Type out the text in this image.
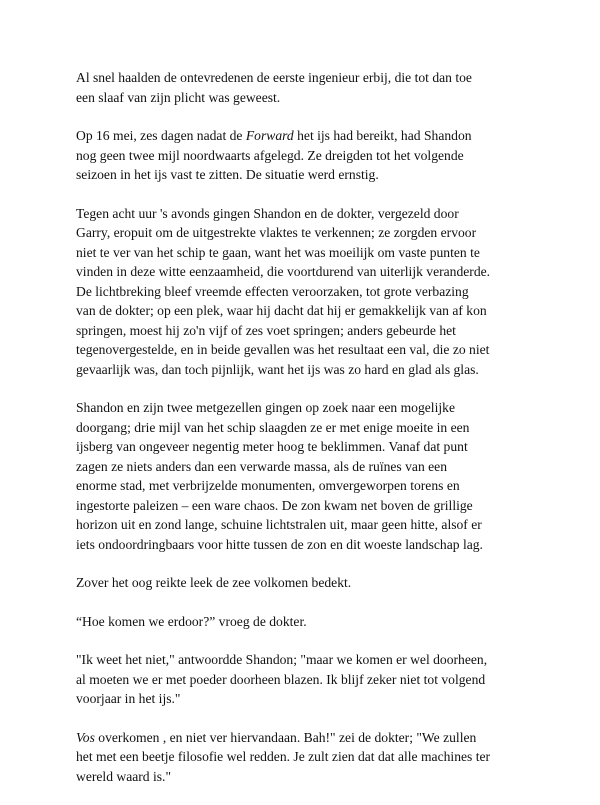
Al snel haalden de ontevredenen de eerste ingenieur erbij, die tot dan toe
een slaaf van zijn plicht was geweest.

Op 16 mei, zes dagen nadat de Forward het ijs had bereikt, had Shandon
nog geen twee mijl noordwaarts afgelegd. Ze dreigden tot het volgende
seizoen in het ijs vast te zitten. De situatie werd ernstig.

Tegen acht uur 's avonds gingen Shandon en de dokter, vergezeld door
Garry, eropuit om de uitgestrekte vlaktes te verkennen; ze zorgden ervoor
niet te ver van het schip te gaan, want het was moeilijk om vaste punten te
vinden in deze witte eenzaamheid, die voortdurend van uiterlijk veranderde.
De lichtbreking bleef vreemde effecten veroorzaken, tot grote verbazing
van de dokter; op een plek, waar hij dacht dat hij er gemakkelijk van af kon
springen, moest hij zo'n vijf of zes voet springen; anders gebeurde het
tegenovergestelde, en in beide gevallen was het resultaat een val, die zo niet
gevaarlijk was, dan toch pijnlijk, want het ijs was zo hard en glad als glas.

Shandon en zijn twee metgezellen gingen op zoek naar een mogelijke
doorgang; drie mijl van het schip slaagden ze er met enige moeite in een
ijsberg van ongeveer negentig meter hoog te beklimmen. Vanaf dat punt
zagen ze niets anders dan een verwarde massa, als de ruïnes van een
enorme stad, met verbrijzelde monumenten, omvergeworpen torens en
ingestorte paleizen – een ware chaos. De zon kwam net boven de grillige
horizon uit en zond lange, schuine lichtstralen uit, maar geen hitte, alsof er
iets ondoordringbaars voor hitte tussen de zon en dit woeste landschap lag.

Zover het oog reikte leek de zee volkomen bedekt.

“Hoe komen we erdoor?” vroeg de dokter.

"Ik weet het niet," antwoordde Shandon; "maar we komen er wel doorheen,
al moeten we er met poeder doorheen blazen. Ik blijf zeker niet tot volgend
voorjaar in het ijs."

Vos overkomen , en niet ver hiervandaan. Bah!" zei de dokter; "We zullen
het met een beetje filosofie wel redden. Je zult zien dat dat alle machines ter
wereld waard is."
